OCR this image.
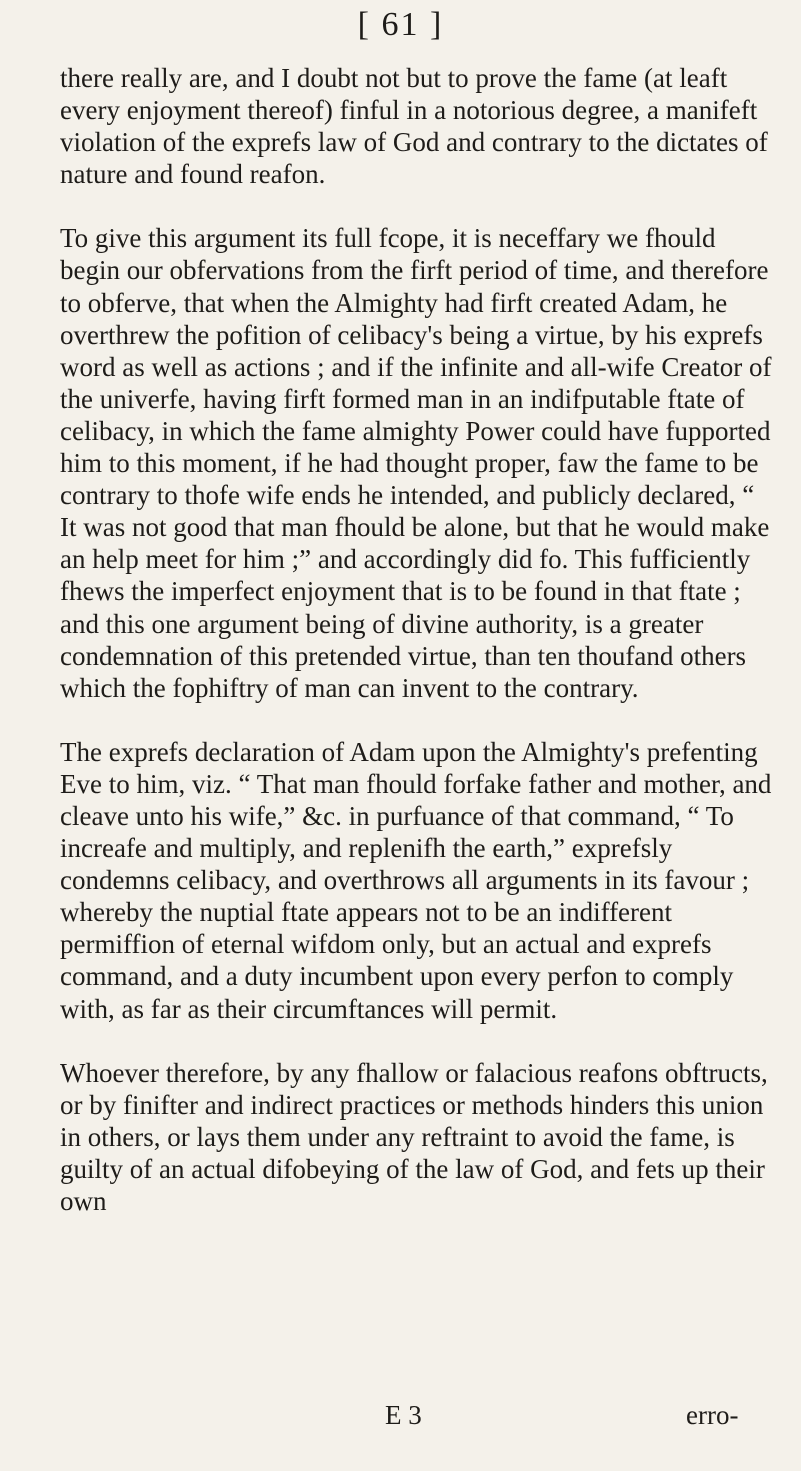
[ 61 ]

there really are, and I doubt not but to prove the fame (at leaft every enjoyment thereof) finful in a notorious degree, a manifeft violation of the exprefs law of God and contrary to the dictates of nature and found reafon.

To give this argument its full fcope, it is neceffary we fhould begin our obfervations from the firft period of time, and therefore to obferve, that when the Almighty had firft created Adam, he overthrew the pofition of celibacy's being a virtue, by his exprefs word as well as actions ; and if the infinite and all-wife Creator of the univerfe, having firft formed man in an indifputable ftate of celibacy, in which the fame almighty Power could have fupported him to this moment, if he had thought proper, faw the fame to be contrary to thofe wife ends he intended, and publicly declared, “ It was not good that man fhould be alone, but that he would make an help meet for him ;” and accordingly did fo. This fufficiently fhews the imperfect enjoyment that is to be found in that ftate ; and this one argument being of divine authority, is a greater condemnation of this pretended virtue, than ten thoufand others which the fophiftry of man can invent to the contrary.

The exprefs declaration of Adam upon the Almighty's prefenting Eve to him, viz. “ That man fhould forfake father and mother, and cleave unto his wife,” &c. in purfuance of that command, “ To increafe and multiply, and replenifh the earth,” exprefsly condemns celibacy, and overthrows all arguments in its favour ; whereby the nuptial ftate appears not to be an indifferent permiffion of eternal wifdom only, but an actual and exprefs command, and a duty incumbent upon every perfon to comply with, as far as their circumftances will permit.

Whoever therefore, by any fhallow or falacious reafons obftructs, or by finifter and indirect practices or methods hinders this union in others, or lays them under any reftraint to avoid the fame, is guilty of an actual difobeying of the law of God, and fets up their own

E 3	erro-
